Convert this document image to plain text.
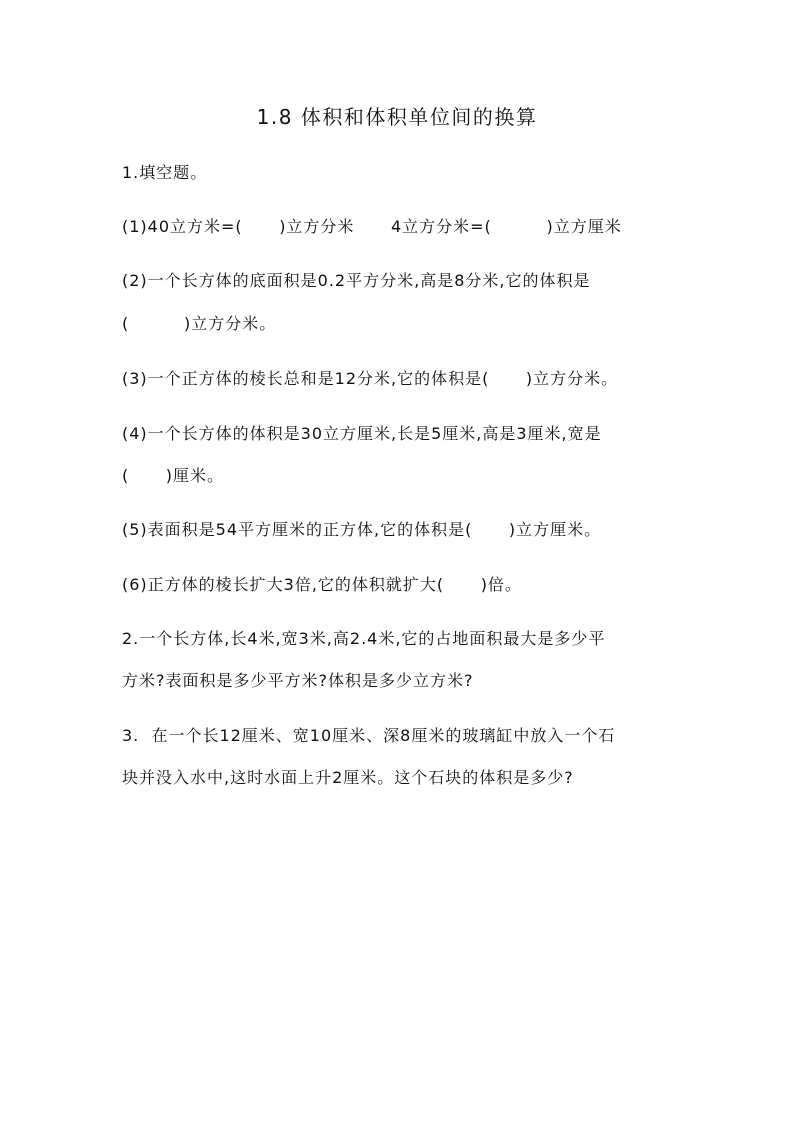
1.8 体积和体积单位间的换算
1.填空题。
(1)40立方米=(      )立方分米      4立方分米=(         )立方厘米
(2)一个长方体的底面积是0.2平方分米,高是8分米,它的体积是
(         )立方分米。
(3)一个正方体的棱长总和是12分米,它的体积是(      )立方分米。
(4)一个长方体的体积是30立方厘米,长是5厘米,高是3厘米,宽是
(      )厘米。
(5)表面积是54平方厘米的正方体,它的体积是(      )立方厘米。
(6)正方体的棱长扩大3倍,它的体积就扩大(      )倍。
2.一个长方体,长4米,宽3米,高2.4米,它的占地面积最大是多少平
方米?表面积是多少平方米?体积是多少立方米?
3.  在一个长12厘米、宽10厘米、深8厘米的玻璃缸中放入一个石
块并没入水中,这时水面上升2厘米。这个石块的体积是多少?
